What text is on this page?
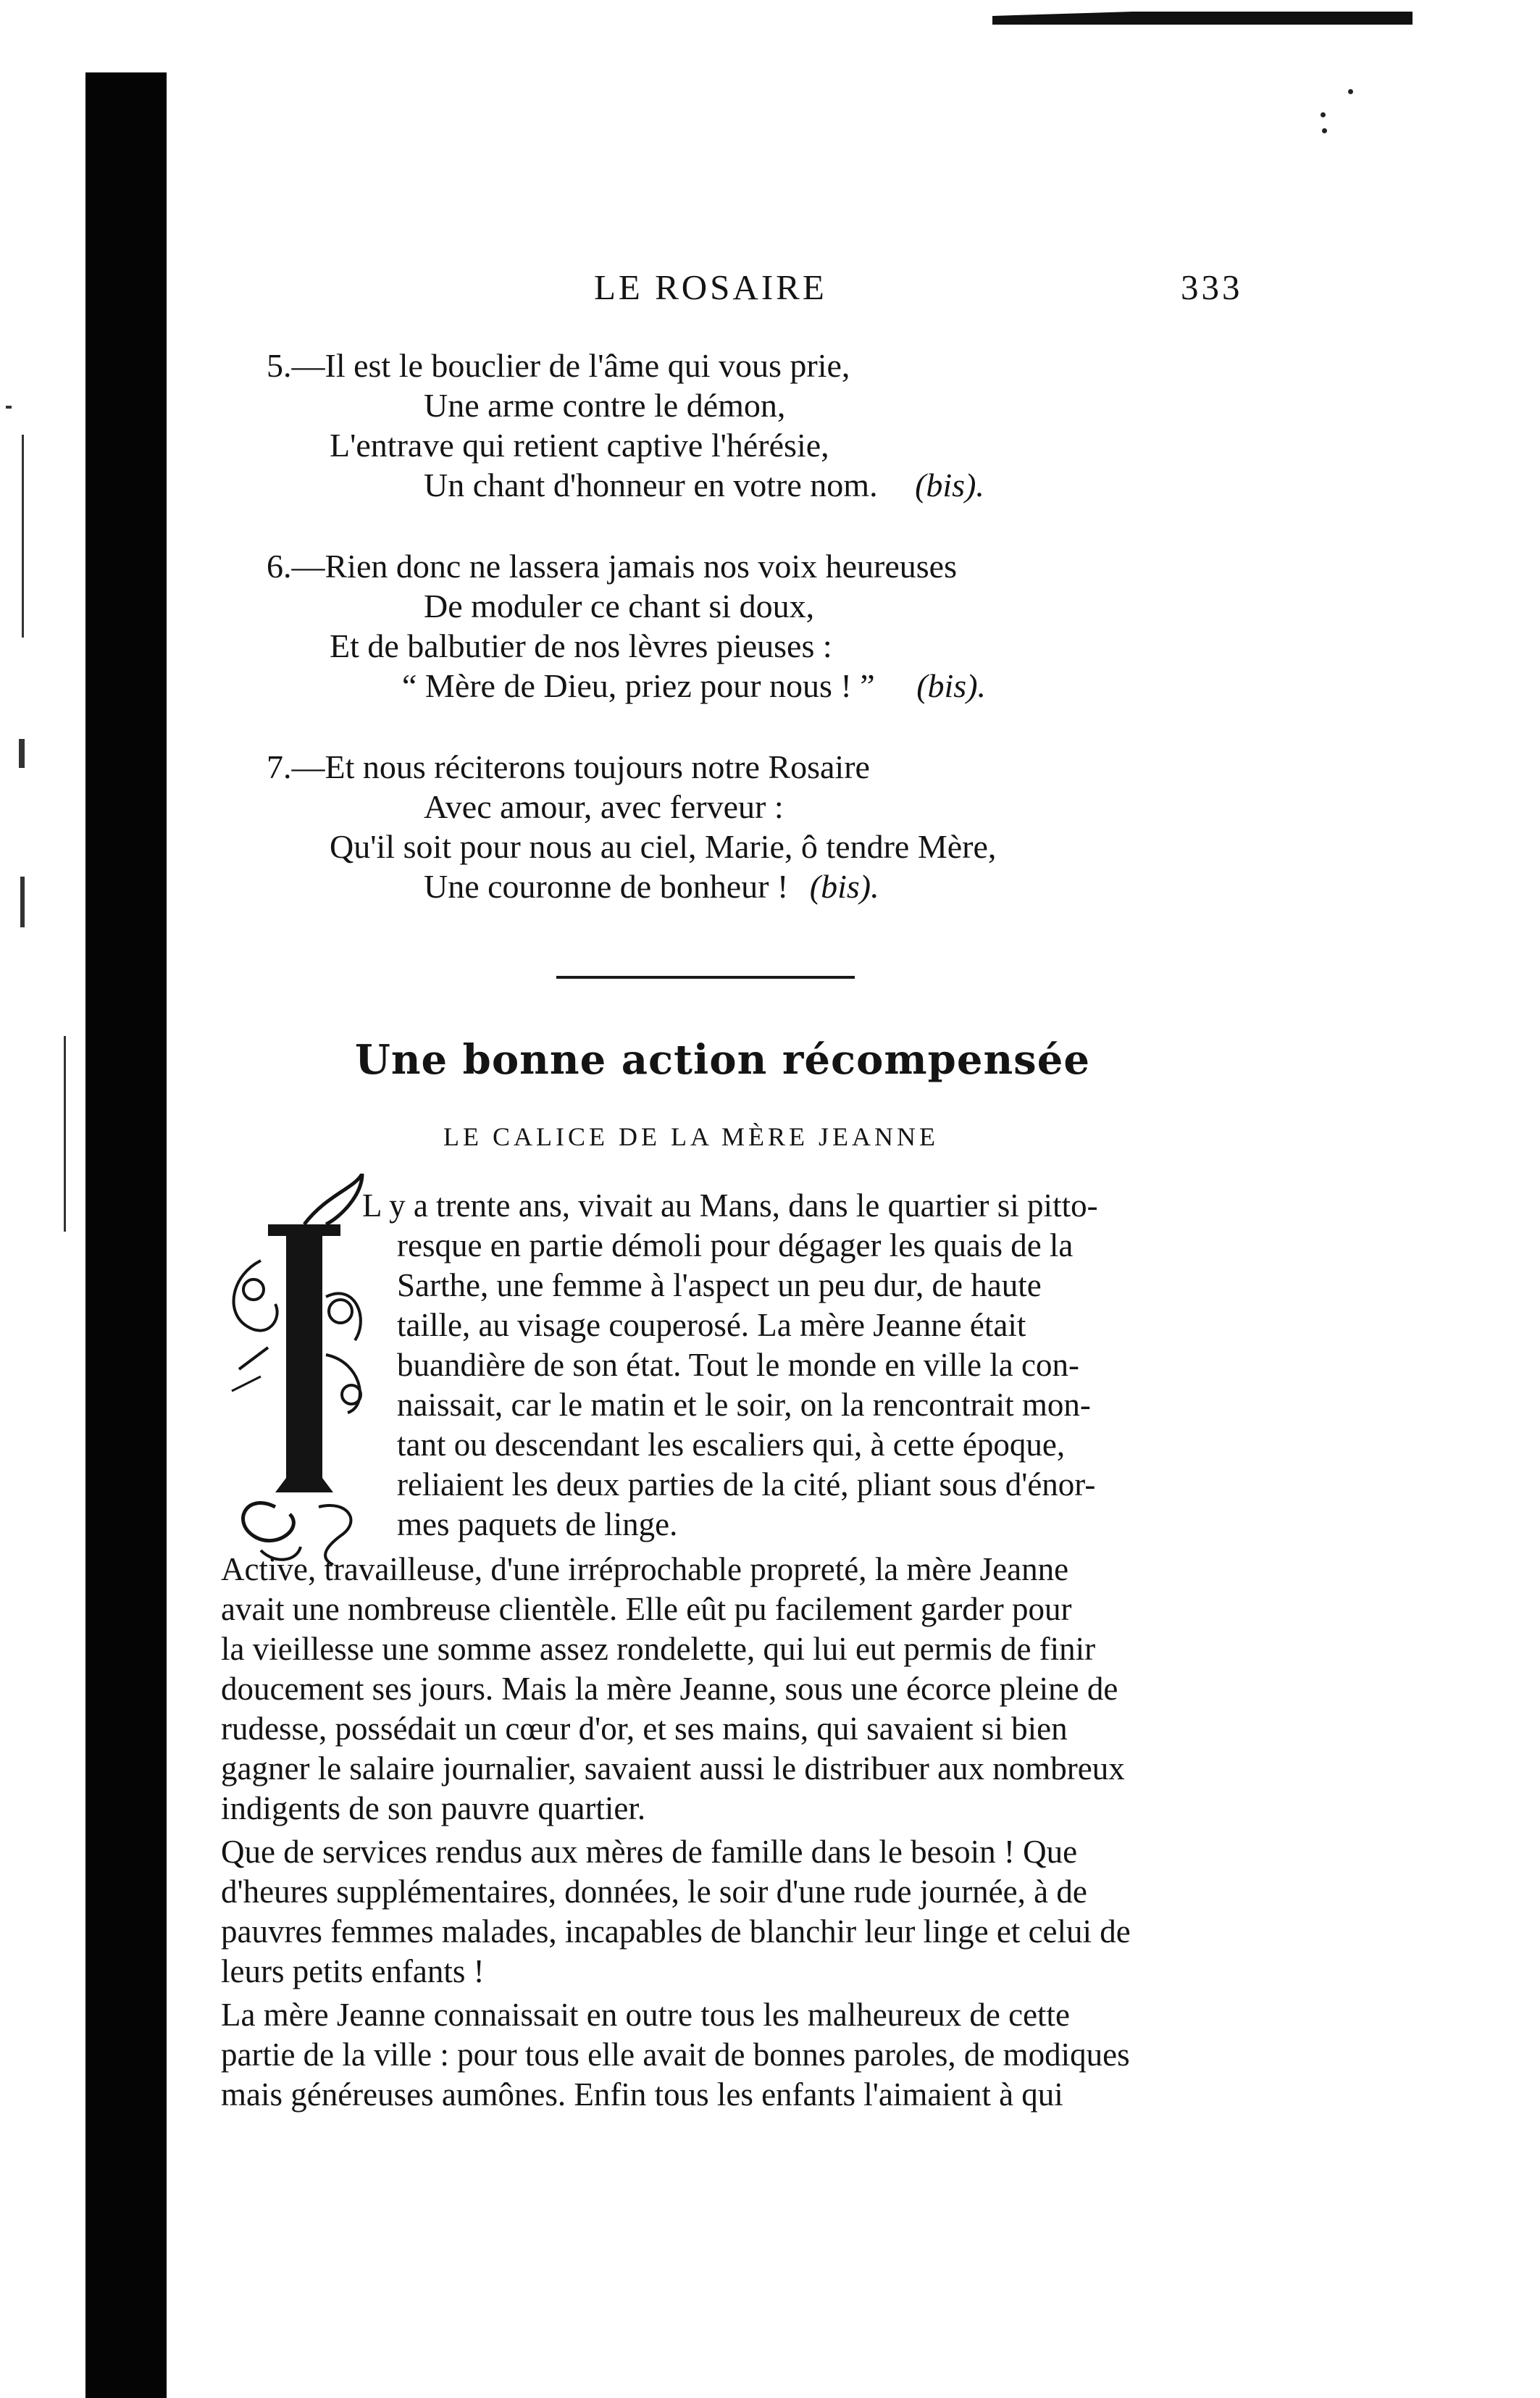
LE ROSAIRE	333
5.—Il est le bouclier de l'âme qui vous prie,
Une arme contre le démon,
L'entrave qui retient captive l'hérésie,
Un chant d'honneur en votre nom. (bis).
6.—Rien donc ne lassera jamais nos voix heureuses
De moduler ce chant si doux,
Et de balbutier de nos lèvres pieuses :
“ Mère de Dieu, priez pour nous ! ” (bis).
7.—Et nous réciterons toujours notre Rosaire
Avec amour, avec ferveur :
Qu'il soit pour nous au ciel, Marie, ô tendre Mère,
Une couronne de bonheur ! (bis).
Une bonne action récompensée
LE CALICE DE LA MÈRE JEANNE
L y a trente ans, vivait au Mans, dans le quartier si pitto-
resque en partie démoli pour dégager les quais de la
Sarthe, une femme à l'aspect un peu dur, de haute
taille, au visage couperosé. La mère Jeanne était
buandière de son état. Tout le monde en ville la con-
naissait, car le matin et le soir, on la rencontrait mon-
tant ou descendant les escaliers qui, à cette époque,
reliaient les deux parties de la cité, pliant sous d'énor-
mes paquets de linge.
Active, travailleuse, d'une irréprochable propreté, la mère Jeanne
avait une nombreuse clientèle. Elle eût pu facilement garder pour
la vieillesse une somme assez rondelette, qui lui eut permis de finir
doucement ses jours. Mais la mère Jeanne, sous une écorce pleine de
rudesse, possédait un cœur d'or, et ses mains, qui savaient si bien
gagner le salaire journalier, savaient aussi le distribuer aux nombreux
indigents de son pauvre quartier.
Que de services rendus aux mères de famille dans le besoin ! Que
d'heures supplémentaires, données, le soir d'une rude journée, à de
pauvres femmes malades, incapables de blanchir leur linge et celui de
leurs petits enfants !
La mère Jeanne connaissait en outre tous les malheureux de cette
partie de la ville : pour tous elle avait de bonnes paroles, de modiques
mais généreuses aumônes. Enfin tous les enfants l'aimaient à qui
